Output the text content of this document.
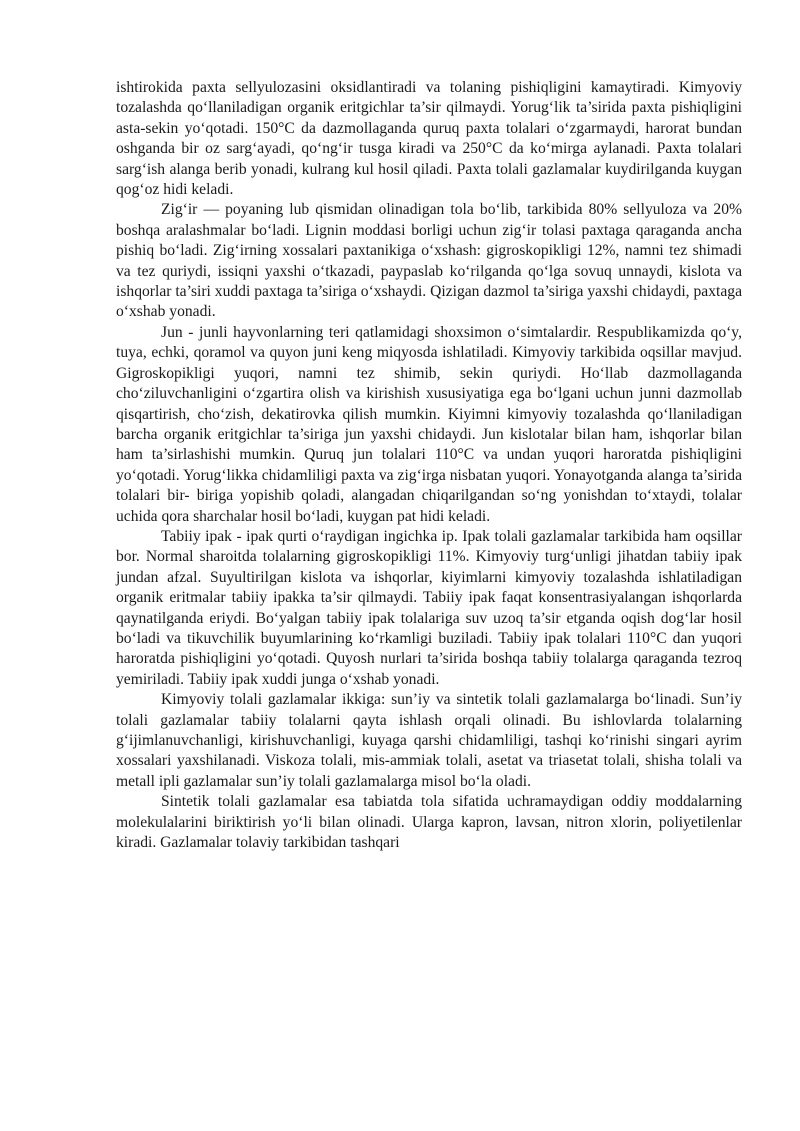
ishtirokida paxta sellyulozasini oksidlantiradi va tolaning pishiqligini kamaytiradi. Kimyoviy tozalashda qo‘llaniladigan organik eritgichlar ta’sir qilmaydi. Yorug‘lik ta’sirida paxta pishiqligini asta-sekin yo‘qotadi. 150°C da dazmollaganda quruq paxta tolalari o‘zgarmaydi, harorat bundan oshganda bir oz sarg‘ayadi, qo‘ng‘ir tusga kiradi va 250°C da ko‘mirga aylanadi. Paxta tolalari sarg‘ish alanga berib yonadi, kulrang kul hosil qiladi. Paxta tolali gazlamalar kuydirilganda kuygan qog‘oz hidi keladi.

Zig‘ir — poyaning lub qismidan olinadigan tola bo‘lib, tarkibida 80% sellyuloza va 20% boshqa aralashmalar bo‘ladi. Lignin moddasi borligi uchun zig‘ir tolasi paxtaga qaraganda ancha pishiq bo‘ladi. Zig‘irning xossalari paxtanikiga o‘xshash: gigroskopikligi 12%, namni tez shimadi va tez quriydi, issiqni yaxshi o‘tkazadi, paypaslab ko‘rilganda qo‘lga sovuq unnaydi, kislota va ishqorlar ta’siri xuddi paxtaga ta’siriga o‘xshaydi. Qizigan dazmol ta’siriga yaxshi chidaydi, paxtaga o‘xshab yonadi.

Jun - junli hayvonlarning teri qatlamidagi shoxsimon o‘simtalardir. Respublikamizda qo‘y, tuya, echki, qoramol va quyon juni keng miqyosda ishlatiladi. Kimyoviy tarkibida oqsillar mavjud. Gigroskopikligi yuqori, namni tez shimib, sekin quriydi. Ho‘llab dazmollaganda cho‘ziluvchanligini o‘zgartira olish va kirishish xususiyatiga ega bo‘lgani uchun junni dazmollab qisqartirish, cho‘zish, dekatirovka qilish mumkin. Kiyimni kimyoviy tozalashda qo‘llaniladigan barcha organik eritgichlar ta’siriga jun yaxshi chidaydi. Jun kislotalar bilan ham, ishqorlar bilan ham ta’sirlashishi mumkin. Quruq jun tolalari 110°C va undan yuqori haroratda pishiqligini yo‘qotadi. Yorug‘likka chidamliligi paxta va zig‘irga nisbatan yuqori. Yonayotganda alanga ta’sirida tolalari bir- biriga yopishib qoladi, alangadan chiqarilgandan so‘ng yonishdan to‘xtaydi, tolalar uchida qora sharchalar hosil bo‘ladi, kuygan pat hidi keladi.

Tabiiy ipak - ipak qurti o‘raydigan ingichka ip. Ipak tolali gazlamalar tarkibida ham oqsillar bor. Normal sharoitda tolalarning gigroskopikligi 11%. Kimyoviy turg‘unligi jihatdan tabiiy ipak jundan afzal. Suyultirilgan kislota va ishqorlar, kiyimlarni kimyoviy tozalashda ishlatiladigan organik eritmalar tabiiy ipakka ta’sir qilmaydi. Tabiiy ipak faqat konsentrasiyalangan ishqorlarda qaynatilganda eriydi. Bo‘yalgan tabiiy ipak tolalariga suv uzoq ta’sir etganda oqish dog‘lar hosil bo‘ladi va tikuvchilik buyumlarining ko‘rkamligi buziladi. Tabiiy ipak tolalari 110°C dan yuqori haroratda pishiqligini yo‘qotadi. Quyosh nurlari ta’sirida boshqa tabiiy tolalarga qaraganda tezroq yemiriladi. Tabiiy ipak xuddi junga o‘xshab yonadi.

Kimyoviy tolali gazlamalar ikkiga: sun’iy va sintetik tolali gazlamalarga bo‘linadi. Sun’iy tolali gazlamalar tabiiy tolalarni qayta ishlash orqali olinadi. Bu ishlovlarda tolalarning g‘ijimlanuvchanligi, kirishuvchanligi, kuyaga qarshi chidamliligi, tashqi ko‘rinishi singari ayrim xossalari yaxshilanadi. Viskoza tolali, mis-ammiak tolali, asetat va triasetat tolali, shisha tolali va metall ipli gazlamalar sun’iy tolali gazlamalarga misol bo‘la oladi.

Sintetik tolali gazlamalar esa tabiatda tola sifatida uchramaydigan oddiy moddalarning molekulalarini biriktirish yo‘li bilan olinadi. Ularga kapron, lavsan, nitron xlorin, poliyetilenlar kiradi. Gazlamalar tolaviy tarkibidan tashqari
